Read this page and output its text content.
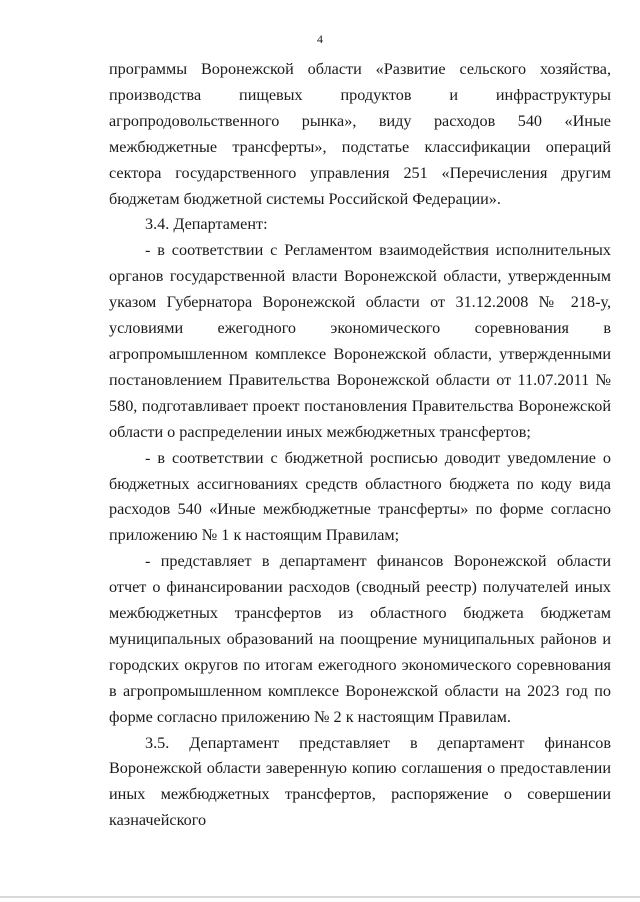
4

программы Воронежской области «Развитие сельского хозяйства, производства пищевых продуктов и инфраструктуры агропродовольственного рынка», виду расходов 540 «Иные межбюджетные трансферты», подстатье классификации операций сектора государственного управления 251 «Перечисления другим бюджетам бюджетной системы Российской Федерации».

3.4. Департамент:

- в соответствии с Регламентом взаимодействия исполнительных органов государственной власти Воронежской области, утвержденным указом Губернатора Воронежской области от 31.12.2008 № 218-у, условиями ежегодного экономического соревнования в агропромышленном комплексе Воронежской области, утвержденными постановлением Правительства Воронежской области от 11.07.2011 № 580, подготавливает проект постановления Правительства Воронежской области о распределении иных межбюджетных трансфертов;

- в соответствии с бюджетной росписью доводит уведомление о бюджетных ассигнованиях средств областного бюджета по коду вида расходов 540 «Иные межбюджетные трансферты» по форме согласно приложению № 1 к настоящим Правилам;

- представляет в департамент финансов Воронежской области отчет о финансировании расходов (сводный реестр) получателей иных межбюджетных трансфертов из областного бюджета бюджетам муниципальных образований на поощрение муниципальных районов и городских округов по итогам ежегодного экономического соревнования в агропромышленном комплексе Воронежской области на 2023 год по форме согласно приложению № 2 к настоящим Правилам.

3.5. Департамент представляет в департамент финансов Воронежской области заверенную копию соглашения о предоставлении иных межбюджетных трансфертов, распоряжение о совершении казначейского
